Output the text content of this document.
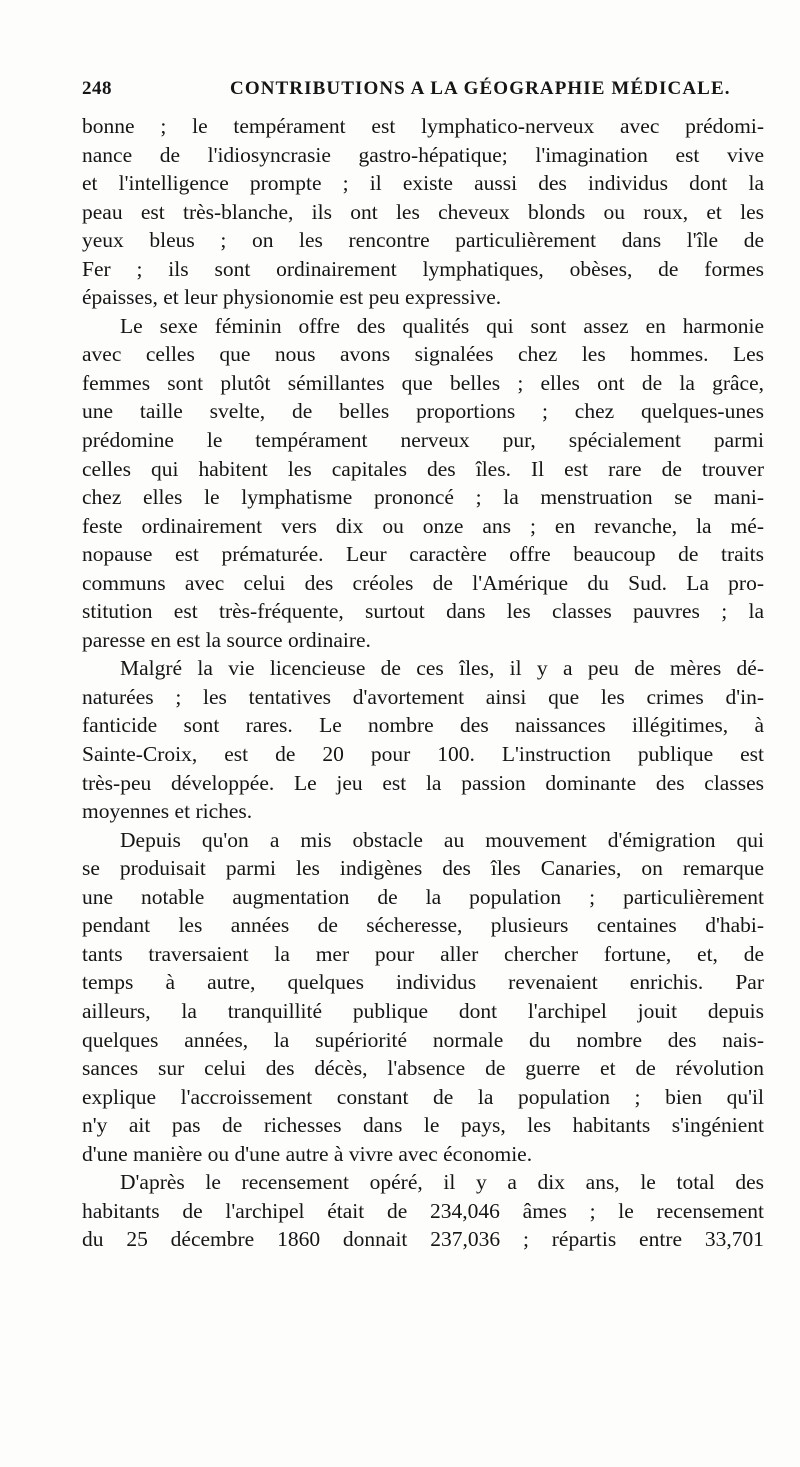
248	CONTRIBUTIONS A LA GÉOGRAPHIE MÉDICALE.
bonne ; le tempérament est lymphatico-nerveux avec prédomi-
nance de l'idiosyncrasie gastro-hépatique; l'imagination est vive
et l'intelligence prompte ; il existe aussi des individus dont la
peau est très-blanche, ils ont les cheveux blonds ou roux, et les
yeux bleus ; on les rencontre particulièrement dans l'île de
Fer ; ils sont ordinairement lymphatiques, obèses, de formes
épaisses, et leur physionomie est peu expressive.
Le sexe féminin offre des qualités qui sont assez en harmonie
avec celles que nous avons signalées chez les hommes. Les
femmes sont plutôt sémillantes que belles ; elles ont de la grâce,
une taille svelte, de belles proportions ; chez quelques-unes
prédomine le tempérament nerveux pur, spécialement parmi
celles qui habitent les capitales des îles. Il est rare de trouver
chez elles le lymphatisme prononcé ; la menstruation se mani-
feste ordinairement vers dix ou onze ans ; en revanche, la mé-
nopause est prématurée. Leur caractère offre beaucoup de traits
communs avec celui des créoles de l'Amérique du Sud. La pro-
stitution est très-fréquente, surtout dans les classes pauvres ; la
paresse en est la source ordinaire.
Malgré la vie licencieuse de ces îles, il y a peu de mères dé-
naturées ; les tentatives d'avortement ainsi que les crimes d'in-
fanticide sont rares. Le nombre des naissances illégitimes, à
Sainte-Croix, est de 20 pour 100. L'instruction publique est
très-peu développée. Le jeu est la passion dominante des classes
moyennes et riches.
Depuis qu'on a mis obstacle au mouvement d'émigration qui
se produisait parmi les indigènes des îles Canaries, on remarque
une notable augmentation de la population ; particulièrement
pendant les années de sécheresse, plusieurs centaines d'habi-
tants traversaient la mer pour aller chercher fortune, et, de
temps à autre, quelques individus revenaient enrichis. Par
ailleurs, la tranquillité publique dont l'archipel jouit depuis
quelques années, la supériorité normale du nombre des nais-
sances sur celui des décès, l'absence de guerre et de révolution
explique l'accroissement constant de la population ; bien qu'il
n'y ait pas de richesses dans le pays, les habitants s'ingénient
d'une manière ou d'une autre à vivre avec économie.
D'après le recensement opéré, il y a dix ans, le total des
habitants de l'archipel était de 234,046 âmes ; le recensement
du 25 décembre 1860 donnait 237,036 ; répartis entre 33,701
